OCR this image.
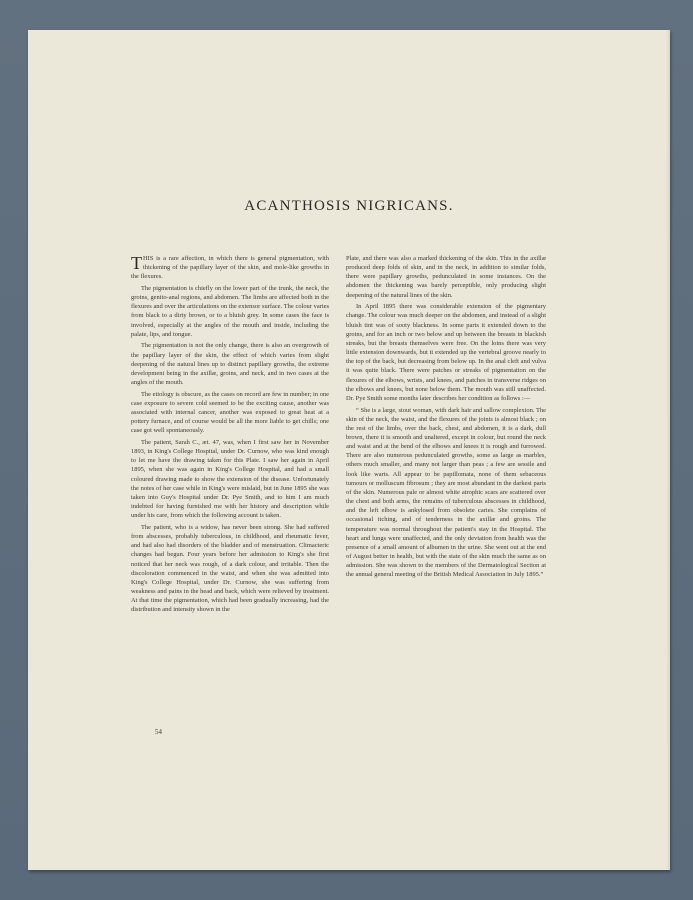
ACANTHOSIS NIGRICANS.

THIS is a rare affection, in which there is general pigmentation, with thickening of the papillary layer of the skin, and mole-like growths in the flexures.

The pigmentation is chiefly on the lower part of the trunk, the neck, the groins, genito-anal regions, and abdomen. The limbs are affected both in the flexures and over the articulations on the extensor surface. The colour varies from black to a dirty brown, or to a bluish grey. In some cases the face is involved, especially at the angles of the mouth and inside, including the palate, lips, and tongue.

The pigmentation is not the only change, there is also an overgrowth of the papillary layer of the skin, the effect of which varies from slight deepening of the natural lines up to distinct papillary growths, the extreme development being in the axillæ, groins, and neck, and in two cases at the angles of the mouth.

The etiology is obscure, as the cases on record are few in number; in one case exposure to severe cold seemed to be the exciting cause, another was associated with internal cancer, another was exposed to great heat at a pottery furnace, and of course would be all the more liable to get chills; one case got well spontaneously.

The patient, Sarah C., æt. 47, was, when I first saw her in November 1893, in King's College Hospital, under Dr. Curnow, who was kind enough to let me have the drawing taken for this Plate. I saw her again in April 1895, when she was again in King's College Hospital, and had a small coloured drawing made to show the extension of the disease. Unfortunately the notes of her case while in King's were mislaid, but in June 1895 she was taken into Guy's Hospital under Dr. Pye Smith, and to him I am much indebted for having furnished me with her history and description while under his care, from which the following account is taken.

The patient, who is a widow, has never been strong. She had suffered from abscesses, probably tuberculous, in childhood, and rheumatic fever, and had also had disorders of the bladder and of menstruation. Climacteric changes had begun. Four years before her admission to King's she first noticed that her neck was rough, of a dark colour, and irritable. Then the discoloration commenced in the waist, and when she was admitted into King's College Hospital, under Dr. Curnow, she was suffering from weakness and pains in the head and back, which were relieved by treatment. At that time the pigmentation, which had been gradually increasing, had the distribution and intensity shown in the

Plate, and there was also a marked thickening of the skin. This in the axillæ produced deep folds of skin, and in the neck, in addition to similar folds, there were papillary growths, pedunculated in some instances. On the abdomen the thickening was barely perceptible, only producing slight deepening of the natural lines of the skin.

In April 1895 there was considerable extension of the pigmentary change. The colour was much deeper on the abdomen, and instead of a slight bluish tint was of sooty blackness. In some parts it extended down to the groins, and for an inch or two below and up between the breasts in blackish streaks, but the breasts themselves were free. On the loins there was very little extension downwards, but it extended up the vertebral groove nearly to the top of the back, but decreasing from below up. In the anal cleft and vulva it was quite black. There were patches or streaks of pigmentation on the flexures of the elbows, wrists, and knees, and patches in transverse ridges on the elbows and knees, but none below them. The mouth was still unaffected. Dr. Pye Smith some months later describes her condition as follows :—

“ She is a large, stout woman, with dark hair and sallow complexion. The skin of the neck, the waist, and the flexures of the joints is almost black ; on the rest of the limbs, over the back, chest, and abdomen, it is a dark, dull brown, there it is smooth and unaltered, except in colour, but round the neck and waist and at the bend of the elbows and knees it is rough and furrowed. There are also numerous pedunculated growths, some as large as marbles, others much smaller, and many not larger than peas ; a few are sessile and look like warts. All appear to be papillomata, none of them sebaceous tumours or molluscum fibrosum ; they are most abundant in the darkest parts of the skin. Numerous pale or almost white atrophic scars are scattered over the chest and both arms, the remains of tuberculous abscesses in childhood, and the left elbow is ankylosed from obsolete caries. She complains of occasional itching, and of tenderness in the axillæ and groins. The temperature was normal throughout the patient's stay in the Hospital. The heart and lungs were unaffected, and the only deviation from health was the presence of a small amount of albumen in the urine. She went out at the end of August better in health, but with the state of the skin much the same as on admission. She was shown to the members of the Dermatological Section at the annual general meeting of the British Medical Association in July 1895.”

54
